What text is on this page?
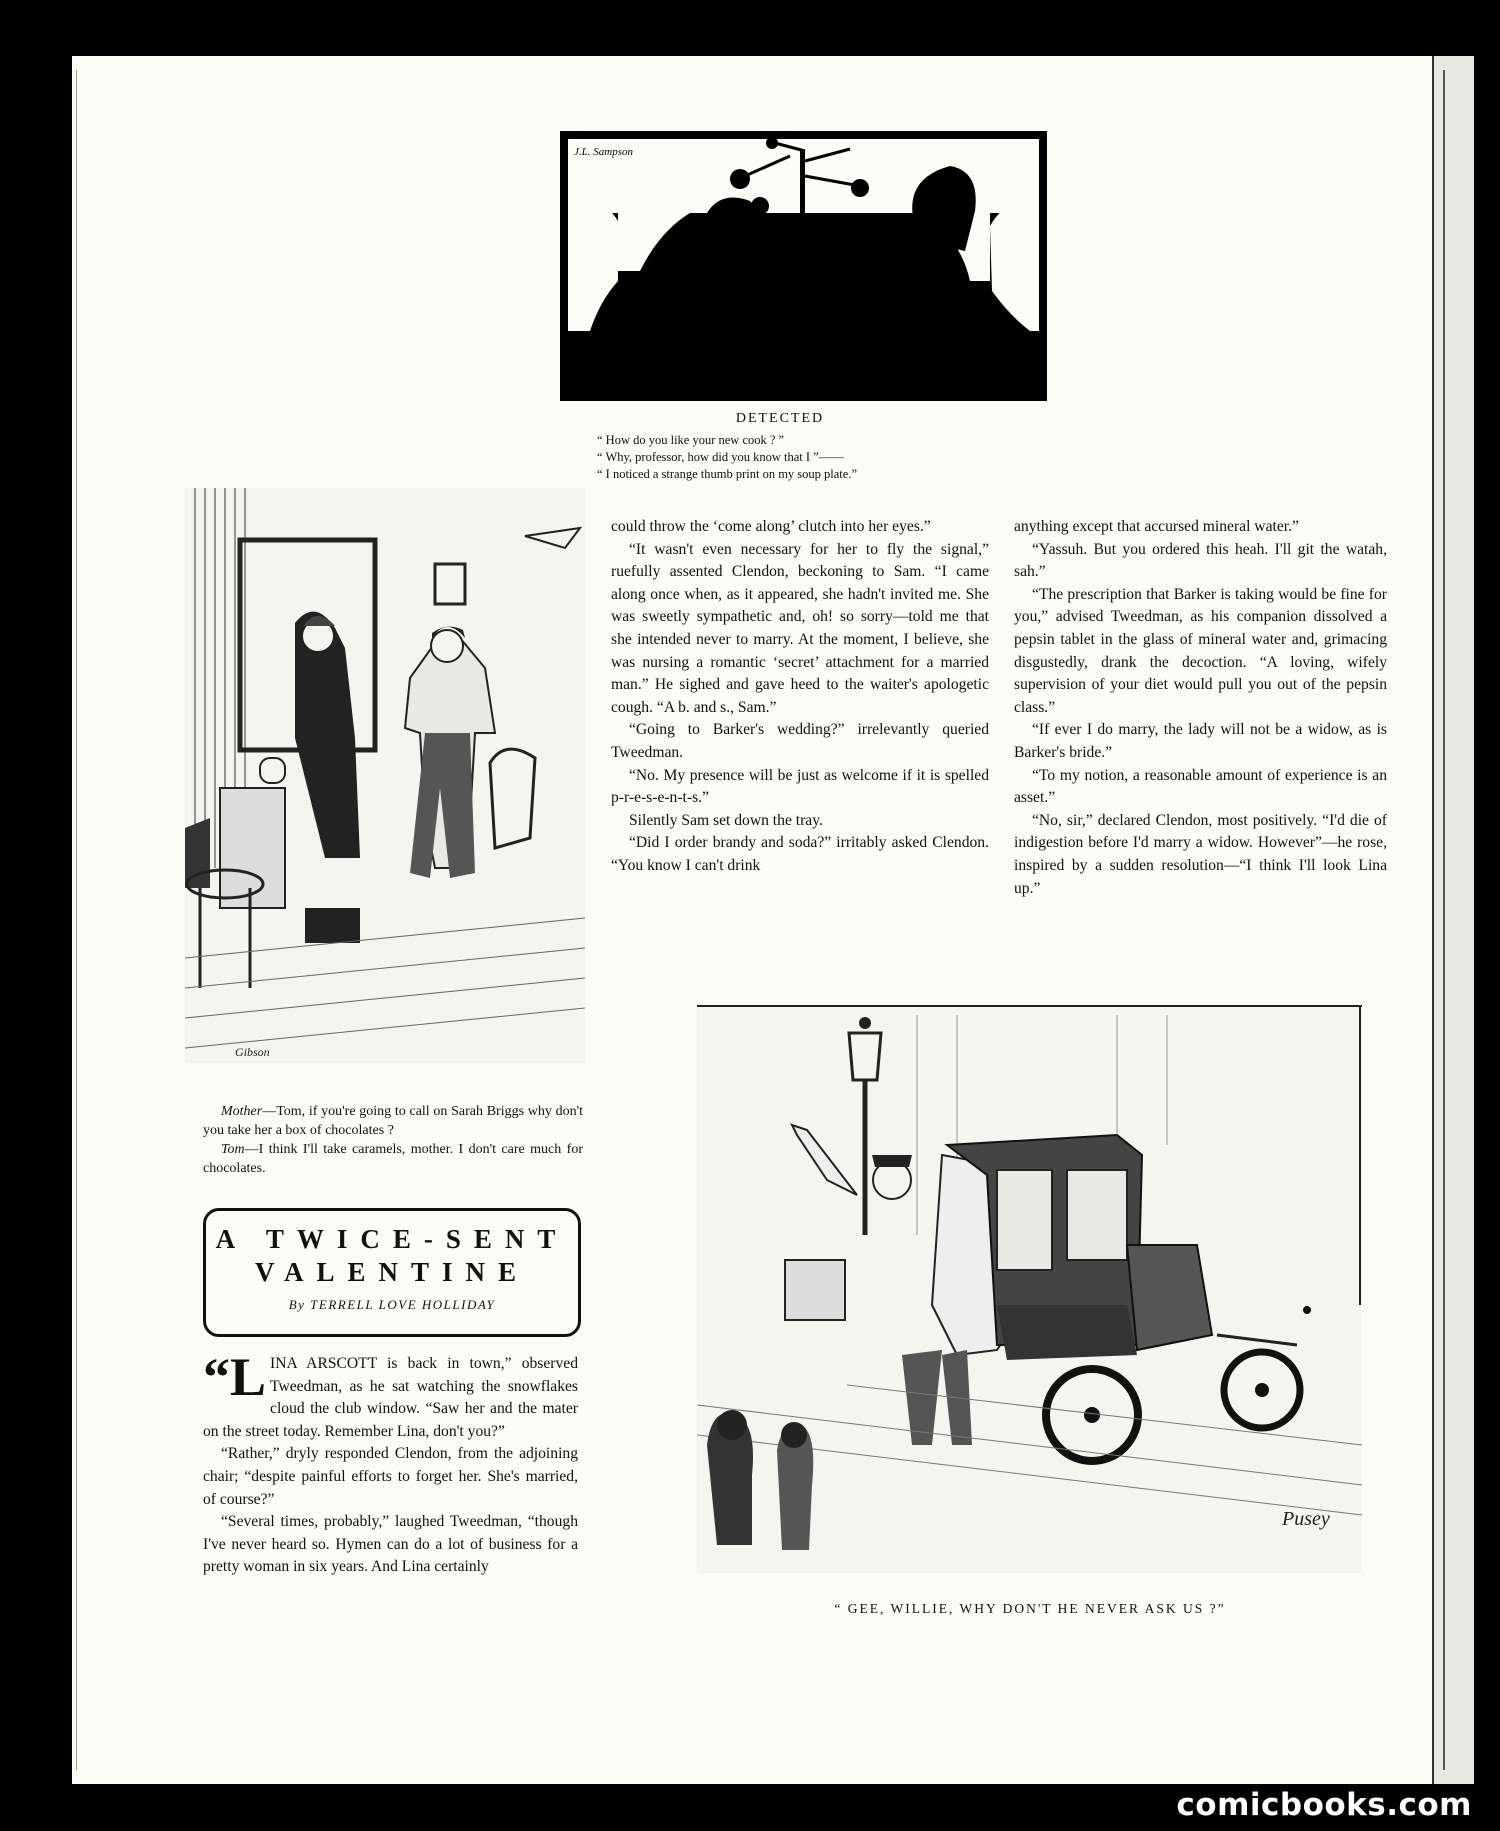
J.L. Sampson
DETECTED
“ How do you like your new cook ? ”
“ Why, professor, how did you know that I ”——
“ I noticed a strange thumb print on my soup plate.”
Gibson
Mother—Tom, if you're going to call on Sarah Briggs why don't you take her a box of chocolates ?
Tom—I think I'll take caramels, mother. I don't care much for chocolates.
A TWICE-SENT
VALENTINE
By TERRELL LOVE HOLLIDAY

“LINA ARSCOTT is back in town,” observed Tweedman, as he sat watching the snowflakes cloud the club window. “Saw her and the mater on the street today. Remember Lina, don't you?”

“Rather,” dryly responded Clendon, from the adjoining chair; “despite painful efforts to forget her. She's married, of course?”

“Several times, probably,” laughed Tweedman, “though I've never heard so. Hymen can do a lot of business for a pretty woman in six years. And Lina certainly

could throw the ‘come along’ clutch into her eyes.”

“It wasn't even necessary for her to fly the signal,” ruefully assented Clendon, beckoning to Sam. “I came along once when, as it appeared, she hadn't invited me. She was sweetly sympathetic and, oh! so sorry—told me that she intended never to marry. At the moment, I believe, she was nursing a romantic ‘secret’ attachment for a married man.” He sighed and gave heed to the waiter's apologetic cough. “A b. and s., Sam.”

“Going to Barker's wedding?” irrelevantly queried Tweedman.

“No. My presence will be just as welcome if it is spelled p-r-e-s-e-n-t-s.”

Silently Sam set down the tray.

“Did I order brandy and soda?” irritably asked Clendon. “You know I can't drink

anything except that accursed mineral water.”

“Yassuh. But you ordered this heah. I'll git the watah, sah.”

“The prescription that Barker is taking would be fine for you,” advised Tweedman, as his companion dissolved a pepsin tablet in the glass of mineral water and, grimacing disgustedly, drank the decoction. “A loving, wifely supervision of your diet would pull you out of the pepsin class.”

“If ever I do marry, the lady will not be a widow, as is Barker's bride.”

“To my notion, a reasonable amount of experience is an asset.”

“No, sir,” declared Clendon, most positively. “I'd die of indigestion before I'd marry a widow. However”—he rose, inspired by a sudden resolution—“I think I'll look Lina up.”

Pusey
“ GEE, WILLIE, WHY DON'T HE NEVER ASK US ?”
comicbooks.com
